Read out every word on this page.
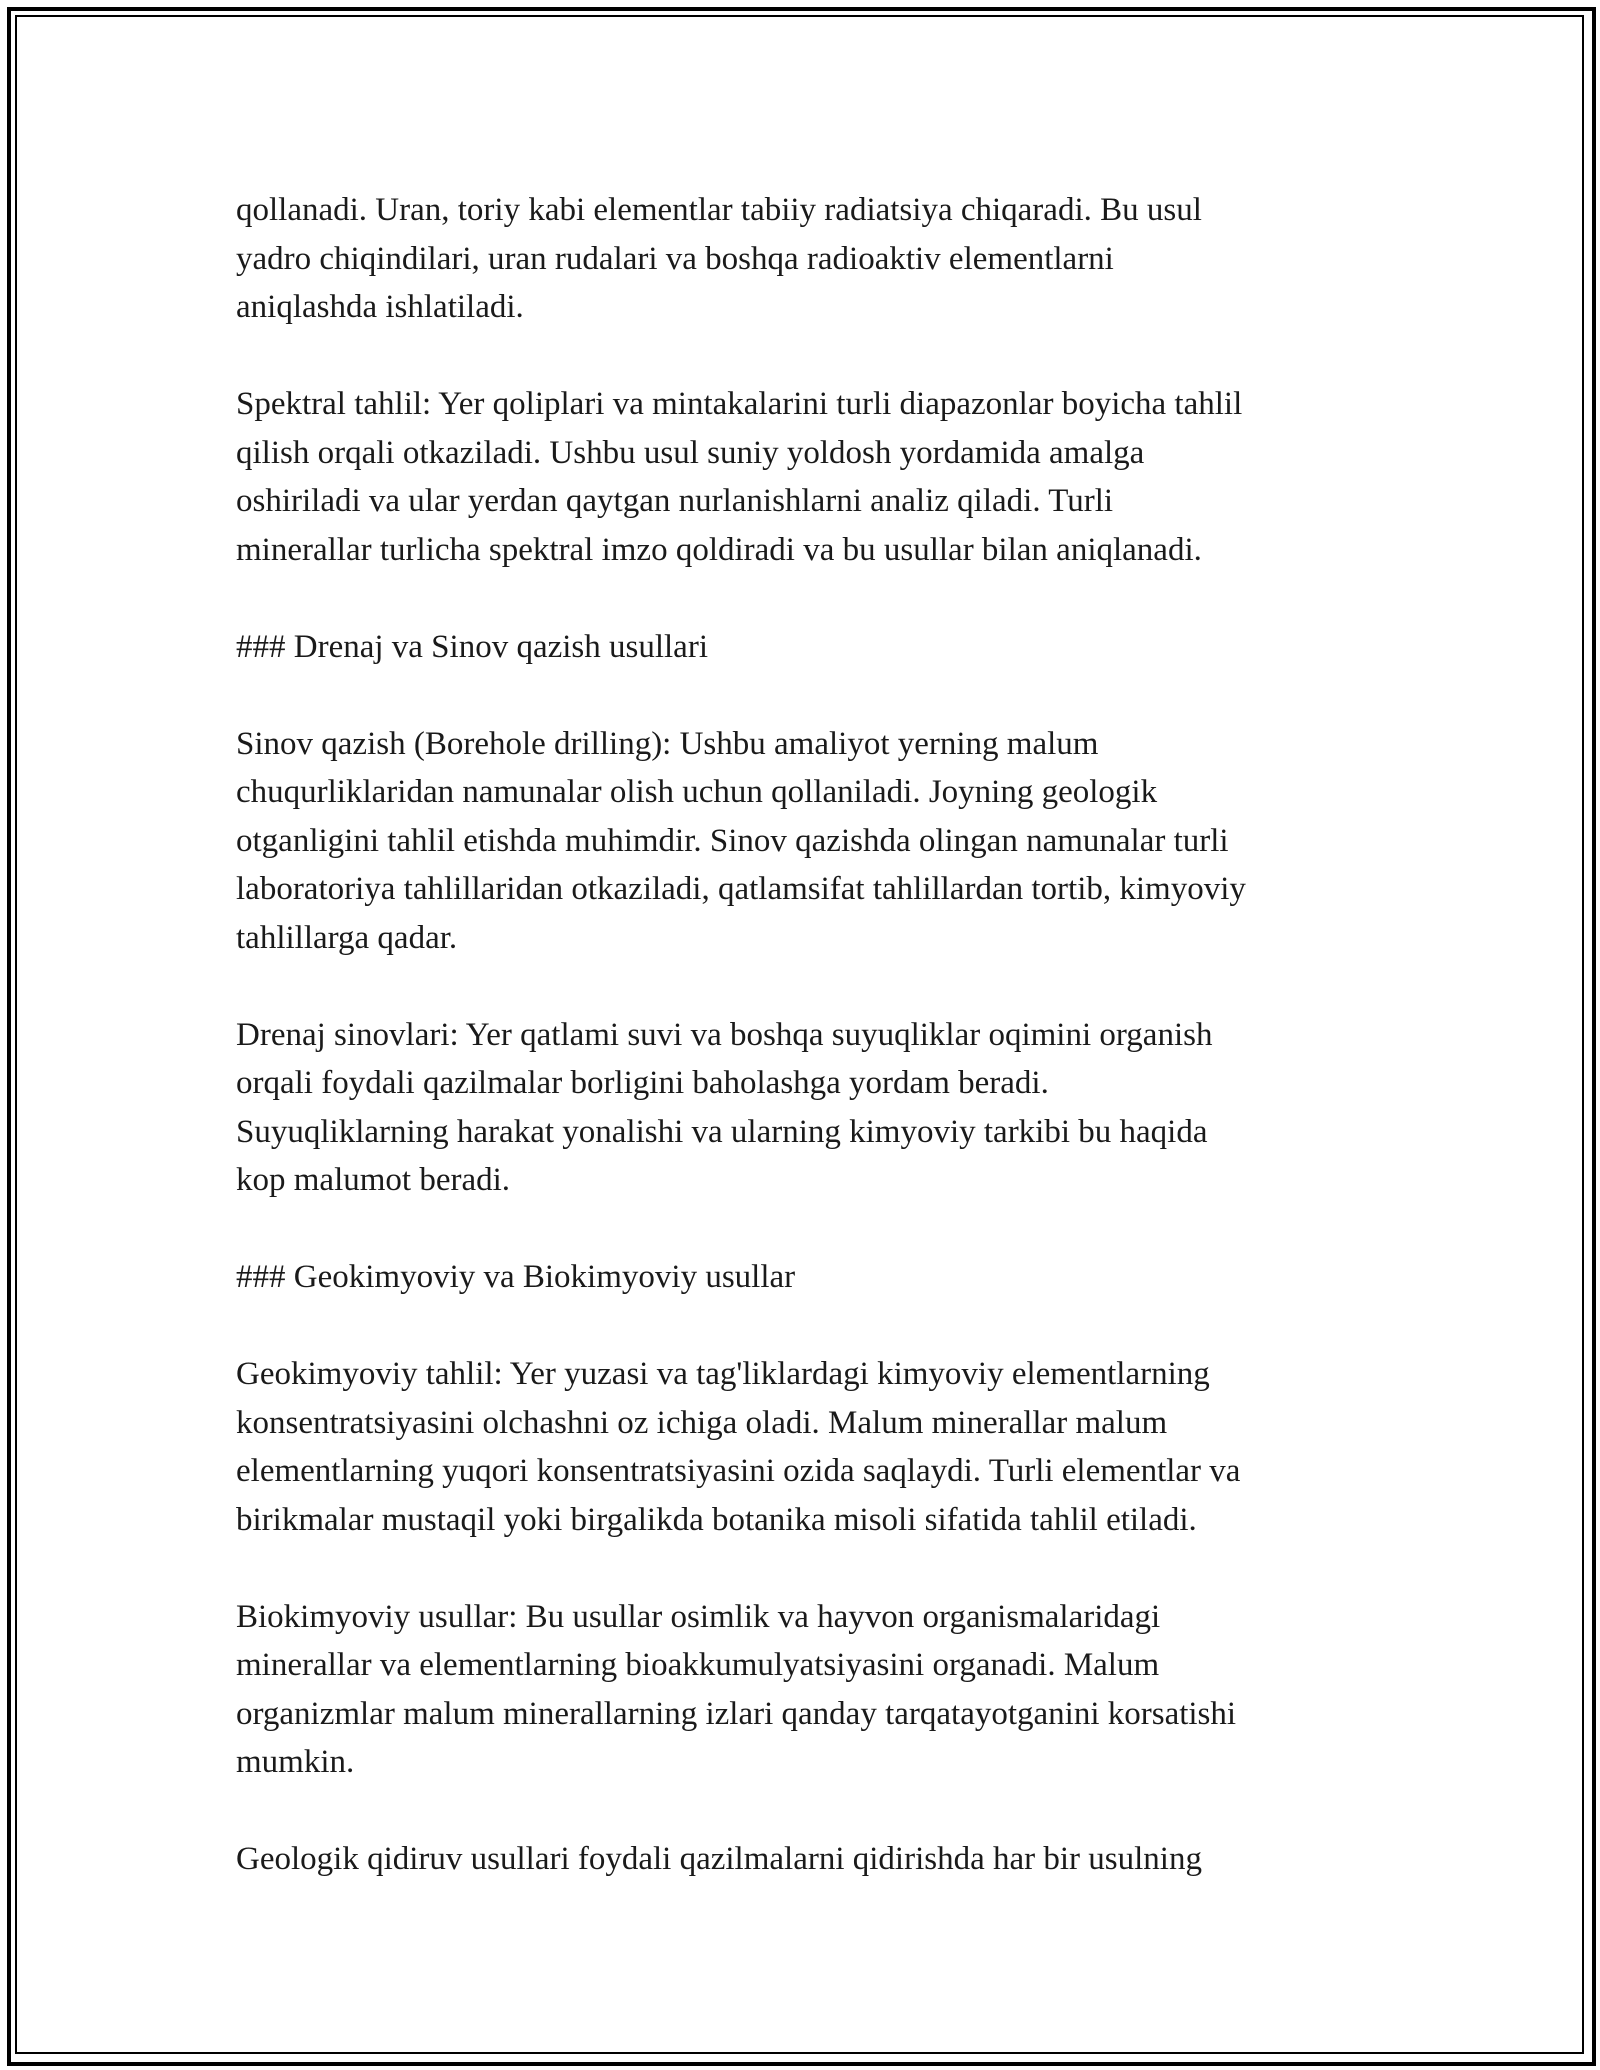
qollanadi. Uran, toriy kabi elementlar tabiiy radiatsiya chiqaradi. Bu usul
yadro chiqindilari, uran rudalari va boshqa radioaktiv elementlarni
aniqlashda ishlatiladi.

Spektral tahlil: Yer qoliplari va mintakalarini turli diapazonlar boyicha tahlil
qilish orqali otkaziladi. Ushbu usul suniy yoldosh yordamida amalga
oshiriladi va ular yerdan qaytgan nurlanishlarni analiz qiladi. Turli
minerallar turlicha spektral imzo qoldiradi va bu usullar bilan aniqlanadi.

### Drenaj va Sinov qazish usullari

Sinov qazish (Borehole drilling): Ushbu amaliyot yerning malum
chuqurliklaridan namunalar olish uchun qollaniladi. Joyning geologik
otganligini tahlil etishda muhimdir. Sinov qazishda olingan namunalar turli
laboratoriya tahlillaridan otkaziladi, qatlamsifat tahlillardan tortib, kimyoviy
tahlillarga qadar.

Drenaj sinovlari: Yer qatlami suvi va boshqa suyuqliklar oqimini organish
orqali foydali qazilmalar borligini baholashga yordam beradi.
Suyuqliklarning harakat yonalishi va ularning kimyoviy tarkibi bu haqida
kop malumot beradi.

### Geokimyoviy va Biokimyoviy usullar

Geokimyoviy tahlil: Yer yuzasi va tag'liklardagi kimyoviy elementlarning
konsentratsiyasini olchashni oz ichiga oladi. Malum minerallar malum
elementlarning yuqori konsentratsiyasini ozida saqlaydi. Turli elementlar va
birikmalar mustaqil yoki birgalikda botanika misoli sifatida tahlil etiladi.

Biokimyoviy usullar: Bu usullar osimlik va hayvon organismalaridagi
minerallar va elementlarning bioakkumulyatsiyasini organadi. Malum
organizmlar malum minerallarning izlari qanday tarqatayotganini korsatishi
mumkin.

Geologik qidiruv usullari foydali qazilmalarni qidirishda har bir usulning
